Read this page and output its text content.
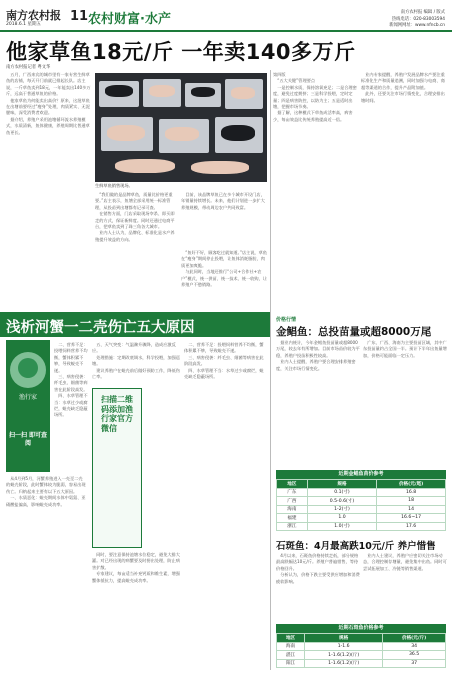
南方农村报
2018.6.1 星期五
11 农村财富·水产	南方农村报 编辑 / 版式
热线电话：020-83003594
新闻网网址：www.nfncb.cn
他家草鱼18元/斤 一年卖140多万斤
南方农村报记者 粤文华
　五月，广西来宾的城市里有一家专营生鲜草鱼的店铺，每天开门前就已排起长队。店主说，一斤草鱼卖到18元，一年能卖出140多万斤，远高于普通草鱼的价格。
　他家草鱼为何能卖出高价？原来，这批草鱼在出塘前要经过“瘦身”处理，肉质紧实、无泥腥味，深受消费者欢迎。
　据介绍，养殖户采用池塘循环流水养殖模式，水质清新，鱼体健康，养殖周期比普通草鱼更长。
生鲜草鱼销售现场。
　“我们做的是品牌草鱼，质量比价格更重要。”店主表示，鱼塘全部采用统一标准管理，从投苗到出塘都有记录可查。
　在销售方面，门店采取现场宰杀、即买即走的方式，保证新鲜度。同时还通过电商平台，把草鱼卖到了珠三角各大城市。
　业内人士认为，品牌化、标准化是水产养殖提升效益的方向。
　目前，该品牌草鱼已在多个城市开设门店，年销量持续增长。未来，他们计划进一步扩大养殖规模，带动周边农户共同致富。
第四版
　“五大关键”管理要点
　一是控制水质，保持溶氧充足；二是合理密度，避免过度拥挤；三是科学投喂，定时定量；四是病害防控，以防为主；五是适时出塘，把握市场节奏。
　据了解，这种模式下草鱼成活率高，病害少，每亩效益比传统养殖提高近一倍。
　业内专家提醒，养殖户发展品牌水产要注重标准化生产和质量追溯，同时加强与电商、商超等渠道的合作，提升产品附加值。
　此外，还要关注市场行情变化，合理安排出塘时间。
　“鱼好不好，顾客吃过就知道。”店主说，草鱼在“瘦身”期间停止投喂，让鱼体消耗脂肪，肉质更加爽脆。
　与此同时，当地还推行“公司+合作社+农户”模式，统一供苗、统一技术、统一收购，让养殖户不愁销路。
浅析河蟹一二壳伤亡五大原因
渔行家
扫一扫 即可查阅
　从4月到5月，河蟹养殖进入一壳至二壳的蜕壳阶段，此时蟹体较为脆弱，容易出现伤亡。归纳起来主要有以下五大原因。
　一、水质恶化：蜕壳期间水体中氨氮、亚硝酸盐偏高，影响蜕壳成功率。
　二、营养不足：投喂饲料营养不均衡，蟹体积累不够，导致蜕壳不遂。
　三、病害侵袭：纤毛虫、细菌等病害在此阶段高发。
　四、水草管理不当：水草过少或腐烂，蜕壳缺乏隐蔽场所。
扫描二维码添加渔行家官方微信
　五、天气突变：气温骤升骤降，造成应激反应。
　处理措施：定期改底调水，科学投喂，加强巡塘。
　建议养殖户在蜕壳前后做好预防工作，降低伤亡率。
　同时，要注意保持池塘水位稳定，避免大排大灌。对已经出现的病蟹要及时捞出处理，防止病害扩散。
　专家建议，每亩适当补充钙质和维生素，增强蟹体抵抗力，提高蜕壳成功率。
　二、营养不足：投喂饲料营养不均衡，蟹体积累不够，导致蜕壳不遂。
　三、病害侵袭：纤毛虫、细菌等病害在此阶段高发。
　四、水草管理不当：水草过少或腐烂，蜕壳缺乏隐蔽场所。
价格行情
金鲳鱼：总投苗量或超8000万尾
　据业内统计，今年金鲳鱼投苗量或超8000万尾，较去年有所增加。目前市场苗价较为平稳，养殖户投苗积极性较高。
　业内人士提醒，养殖户要合理安排养殖密度，关注市场行情变化。
　广东、广西、海南为主要投苗区域，其中广东投苗量约占全国一半。预计下半年出鱼量增加，价格可能面临一定压力。
近期金鲳鱼苗价参考
地区	规格	价格(元/尾)
广东	0.1(寸)	16.8
广西	0.5-0.6(寸)	18
海南	1-2(寸)	14
福建	1.0	16.6~17
浙江	1.0(寸)	17.6
石斑鱼：4月最高跌10元/斤 养户惜售
　4月以来，石斑鱼价格持续走低，部分规格最高跌幅达10元/斤。养殖户普遍惜售，等待价格回升。
　分析认为，价格下跌主要受供应增加和消费疲软影响。
　业内人士建议，养殖户应密切关注市场动态，合理控制存塘量，避免集中出鱼。同时可尝试拓展加工、冷链等销售渠道。
近期石斑鱼价格参考
地区	规格	价格(元/斤)
海南	1-1.6	34
湛江	1-1.6(1.2)(斤)	36.5
阳江	1-1.6(1.2)(斤)	37
